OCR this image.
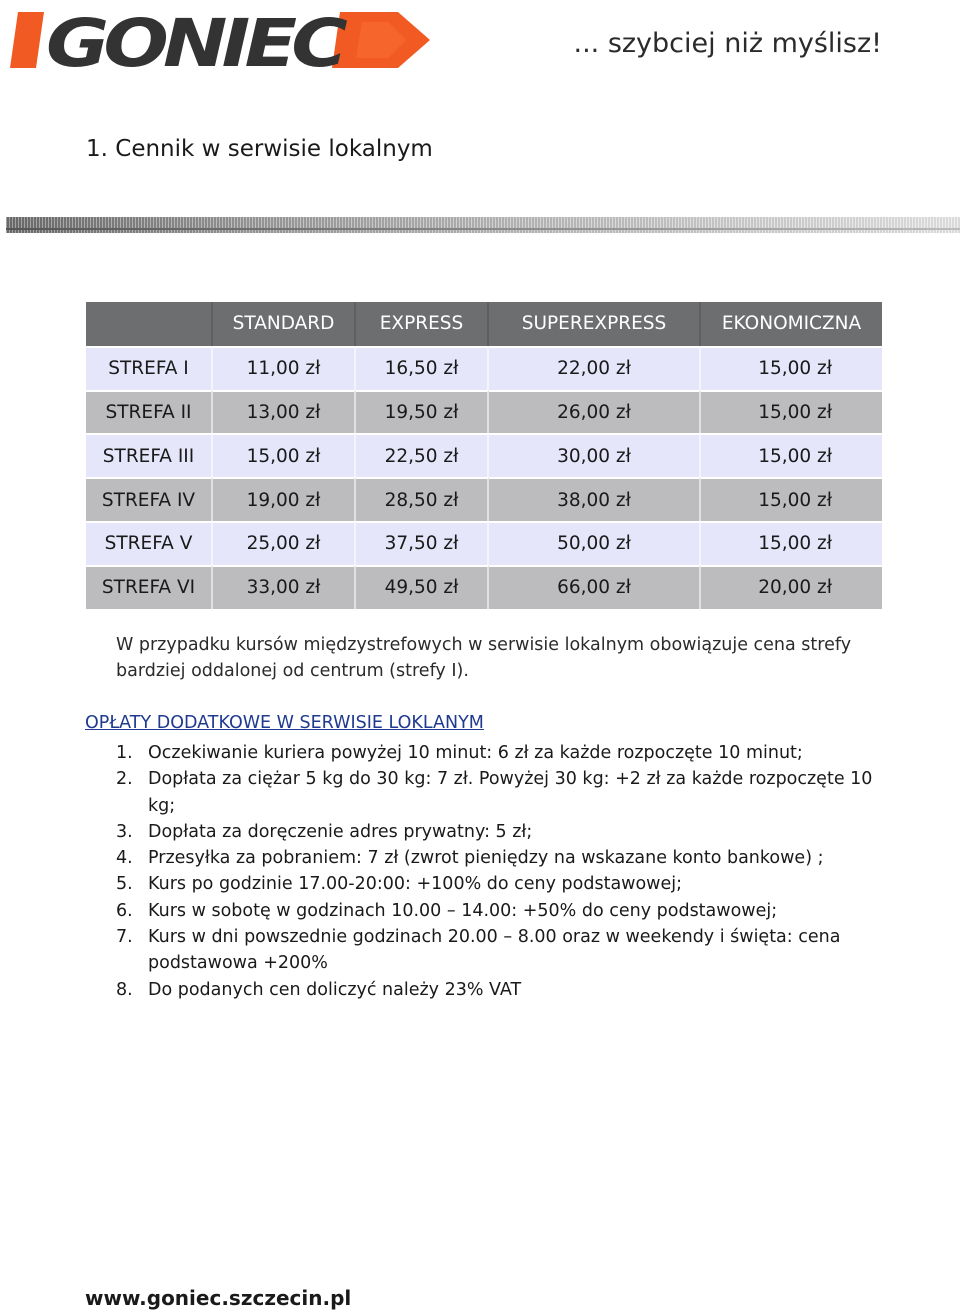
GONIEC	... szybciej niż myślisz!
1. Cennik w serwisie lokalnym
	STANDARD	EXPRESS	SUPEREXPRESS	EKONOMICZNA
STREFA I	11,00 zł	16,50 zł	22,00 zł	15,00 zł
STREFA II	13,00 zł	19,50 zł	26,00 zł	15,00 zł
STREFA III	15,00 zł	22,50 zł	30,00 zł	15,00 zł
STREFA IV	19,00 zł	28,50 zł	38,00 zł	15,00 zł
STREFA V	25,00 zł	37,50 zł	50,00 zł	15,00 zł
STREFA VI	33,00 zł	49,50 zł	66,00 zł	20,00 zł

W przypadku kursów międzystrefowych w serwisie lokalnym obowiązuje cena strefy bardziej oddalonej od centrum (strefy I).

OPŁATY DODATKOWE W SERWISIE LOKLANYM
1. Oczekiwanie kuriera powyżej 10 minut: 6 zł za każde rozpoczęte 10 minut;
2. Dopłata za ciężar 5 kg do 30 kg: 7 zł. Powyżej 30 kg: +2 zł za każde rozpoczęte 10 kg;
3. Dopłata za doręczenie adres prywatny: 5 zł;
4. Przesyłka za pobraniem: 7 zł (zwrot pieniędzy na wskazane konto bankowe) ;
5. Kurs po godzinie 17.00-20:00: +100% do ceny podstawowej;
6. Kurs w sobotę w godzinach 10.00 – 14.00: +50% do ceny podstawowej;
7. Kurs w dni powszednie godzinach 20.00 – 8.00 oraz w weekendy i święta: cena podstawowa +200%
8. Do podanych cen doliczyć należy 23% VAT
www.goniec.szczecin.pl
